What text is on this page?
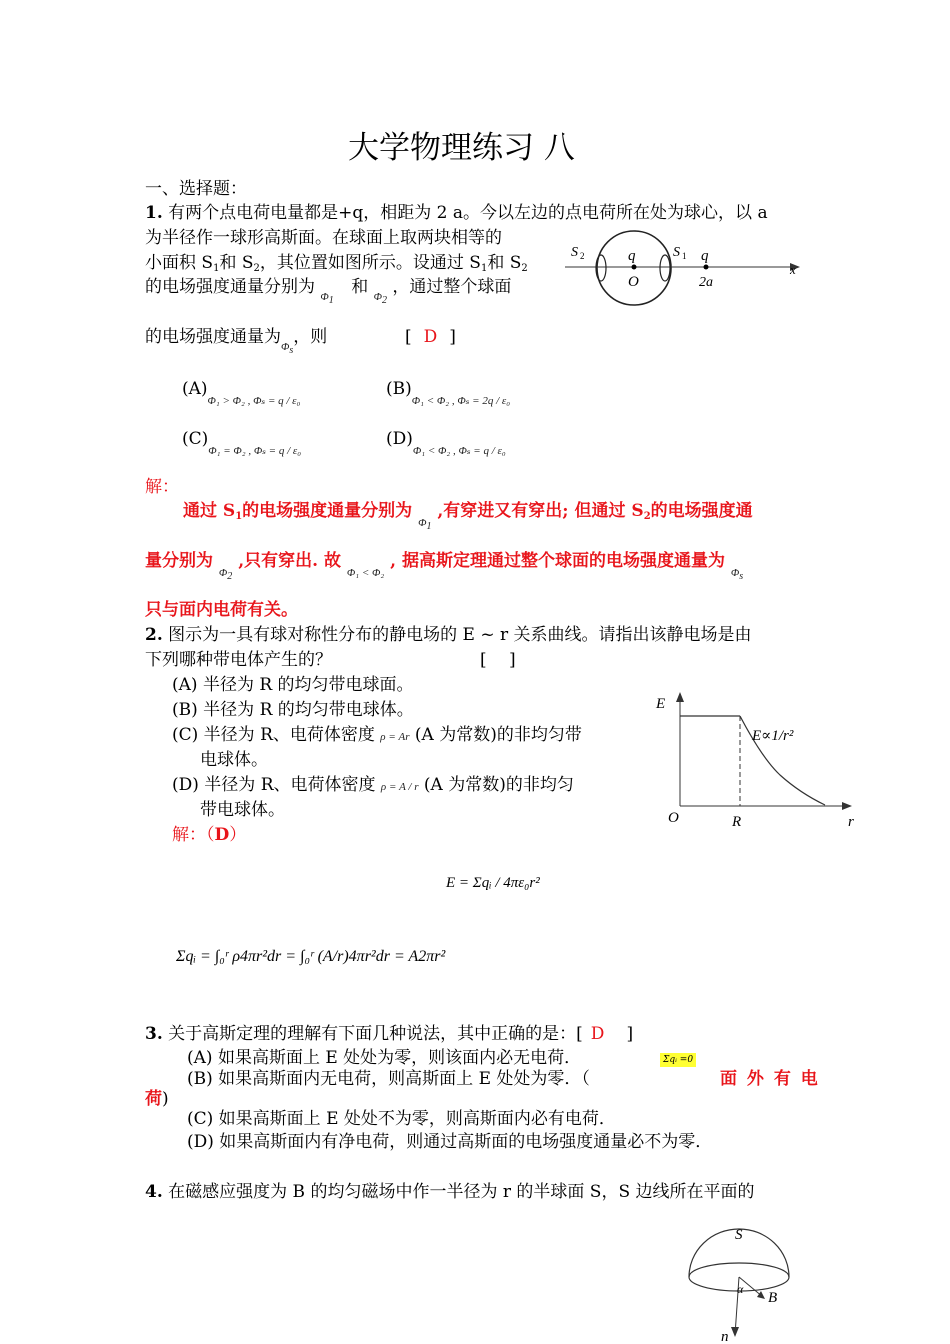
大学物理练习 八
一、选择题：
1. 有两个点电荷电量都是+q，相距为 2 a。今以左边的点电荷所在处为球心，以 a
为半径作一球形高斯面。在球面上取两块相等的
小面积 $S_1$和 $S_2$，其位置如图所示。设通过 $S_1$和 $S_2$
的电场强度通量分别为 $_{\Phi_1}$ 和 $_{\Phi_2}$ ，通过整个球面
的电场强度通量为$_{\Phi_s}$，则	[ D ]
S 2	q
O
S 1 q
2a
x
$(A)_{\Phi_1 > \Phi_2 , \Phi_s = q / \varepsilon_0}$
$(B)_{\Phi_1 < \Phi_2 , \Phi_s = 2q / \varepsilon_0}$
$(C)_{\Phi_1 = \Phi_2 , \Phi_s = q / \varepsilon_0}$
$(D)_{\Phi_1 < \Phi_2 , \Phi_s = q / \varepsilon_0}$
解：
通过 $S_1$的电场强度通量分别为 $_{\Phi_1}$ ,有穿进又有穿出; 但通过 $S_2$的电场强度通
量分别为 $_{\Phi_2}$ ,只有穿出. 故 $_{\Phi_1 < \Phi_2}$ , 据高斯定理通过整个球面的电场强度通量为 $_{\Phi_s}$
只与面内电荷有关。
2. 图示为一具有球对称性分布的静电场的 E ~ r 关系曲线。请指出该静电场是由
下列哪种带电体产生的？	[　 ]
(A) 半径为 R 的均匀带电球面。
(B) 半径为 R 的均匀带电球体。
(C) 半径为 R、电荷体密度 ρ = Ar (A 为常数)的非均匀带
电球体。
(D) 半径为 R、电荷体密度 ρ = A / r (A 为常数)的非均匀
带电球体。
解：（D）
E
E∝1/r²
O	R	r
E = Σqᵢ / 4πε₀r²
Σqᵢ = ∫₀ʳ ρ4πr²dr = ∫₀ʳ (A/r)4πr²dr = A2πr²
3. 关于高斯定理的理解有下面几种说法，其中正确的是：[ D ]
(A) 如果高斯面上 E 处处为零，则该面内必无电荷．	Σqᵢ =0
(B) 如果高斯面内无电荷，则高斯面上 E 处处为零．（	面 外 有 电
荷)
(C) 如果高斯面上 E 处处不为零，则高斯面内必有电荷．
(D) 如果高斯面内有净电荷，则通过高斯面的电场强度通量必不为零．
4. 在磁感应强度为 B 的均匀磁场中作一半径为 r 的半球面 S，S 边线所在平面的
S
α
B
n
